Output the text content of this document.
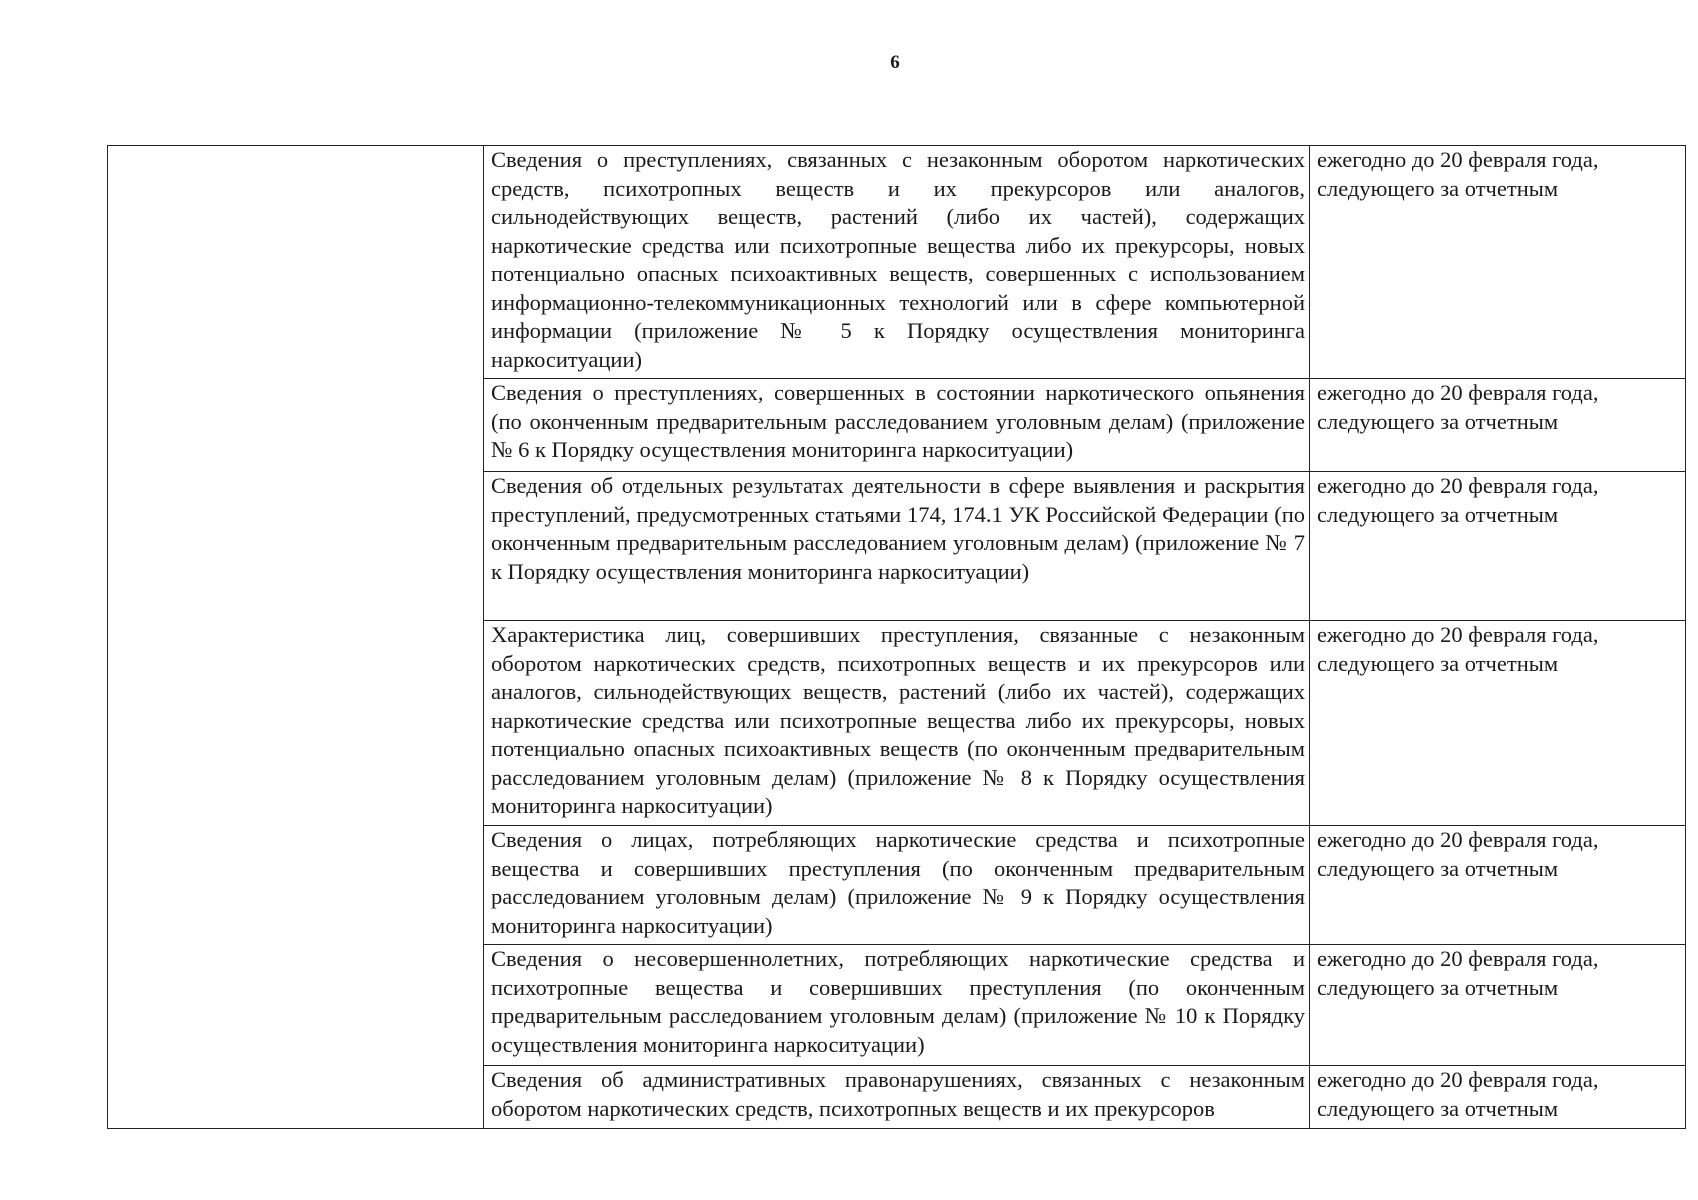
6
	Сведения о преступлениях, связанных с незаконным оборотом наркотических средств, психотропных веществ и их прекурсоров или аналогов, сильнодействующих веществ, растений (либо их частей), содержащих наркотические средства или психотропные вещества либо их прекурсоры, новых потенциально опасных психоактивных веществ, совершенных с использованием информационно-телекоммуникационных технологий или в сфере компьютерной информации (приложение № 5 к Порядку осуществления мониторинга наркоситуации)	ежегодно до 20 февраля года, следующего за отчетным
	Сведения о преступлениях, совершенных в состоянии наркотического опьянения (по оконченным предварительным расследованием уголовным делам) (приложение № 6 к Порядку осуществления мониторинга наркоситуации)	ежегодно до 20 февраля года, следующего за отчетным
	Сведения об отдельных результатах деятельности в сфере выявления и раскрытия преступлений, предусмотренных статьями 174, 174.1 УК Российской Федерации (по оконченным предварительным расследованием уголовным делам) (приложение № 7 к Порядку осуществления мониторинга наркоситуации)	ежегодно до 20 февраля года, следующего за отчетным
	Характеристика лиц, совершивших преступления, связанные с незаконным оборотом наркотических средств, психотропных веществ и их прекурсоров или аналогов, сильнодействующих веществ, растений (либо их частей), содержащих наркотические средства или психотропные вещества либо их прекурсоры, новых потенциально опасных психоактивных веществ (по оконченным предварительным расследованием уголовным делам) (приложение № 8 к Порядку осуществления мониторинга наркоситуации)	ежегодно до 20 февраля года, следующего за отчетным
	Сведения о лицах, потребляющих наркотические средства и психотропные вещества и совершивших преступления (по оконченным предварительным расследованием уголовным делам) (приложение № 9 к Порядку осуществления мониторинга наркоситуации)	ежегодно до 20 февраля года, следующего за отчетным
	Сведения о несовершеннолетних, потребляющих наркотические средства и психотропные вещества и совершивших преступления (по оконченным предварительным расследованием уголовным делам) (приложение № 10 к Порядку осуществления мониторинга наркоситуации)	ежегодно до 20 февраля года, следующего за отчетным
	Сведения об административных правонарушениях, связанных с незаконным оборотом наркотических средств, психотропных веществ и их прекурсоров	ежегодно до 20 февраля года, следующего за отчетным
